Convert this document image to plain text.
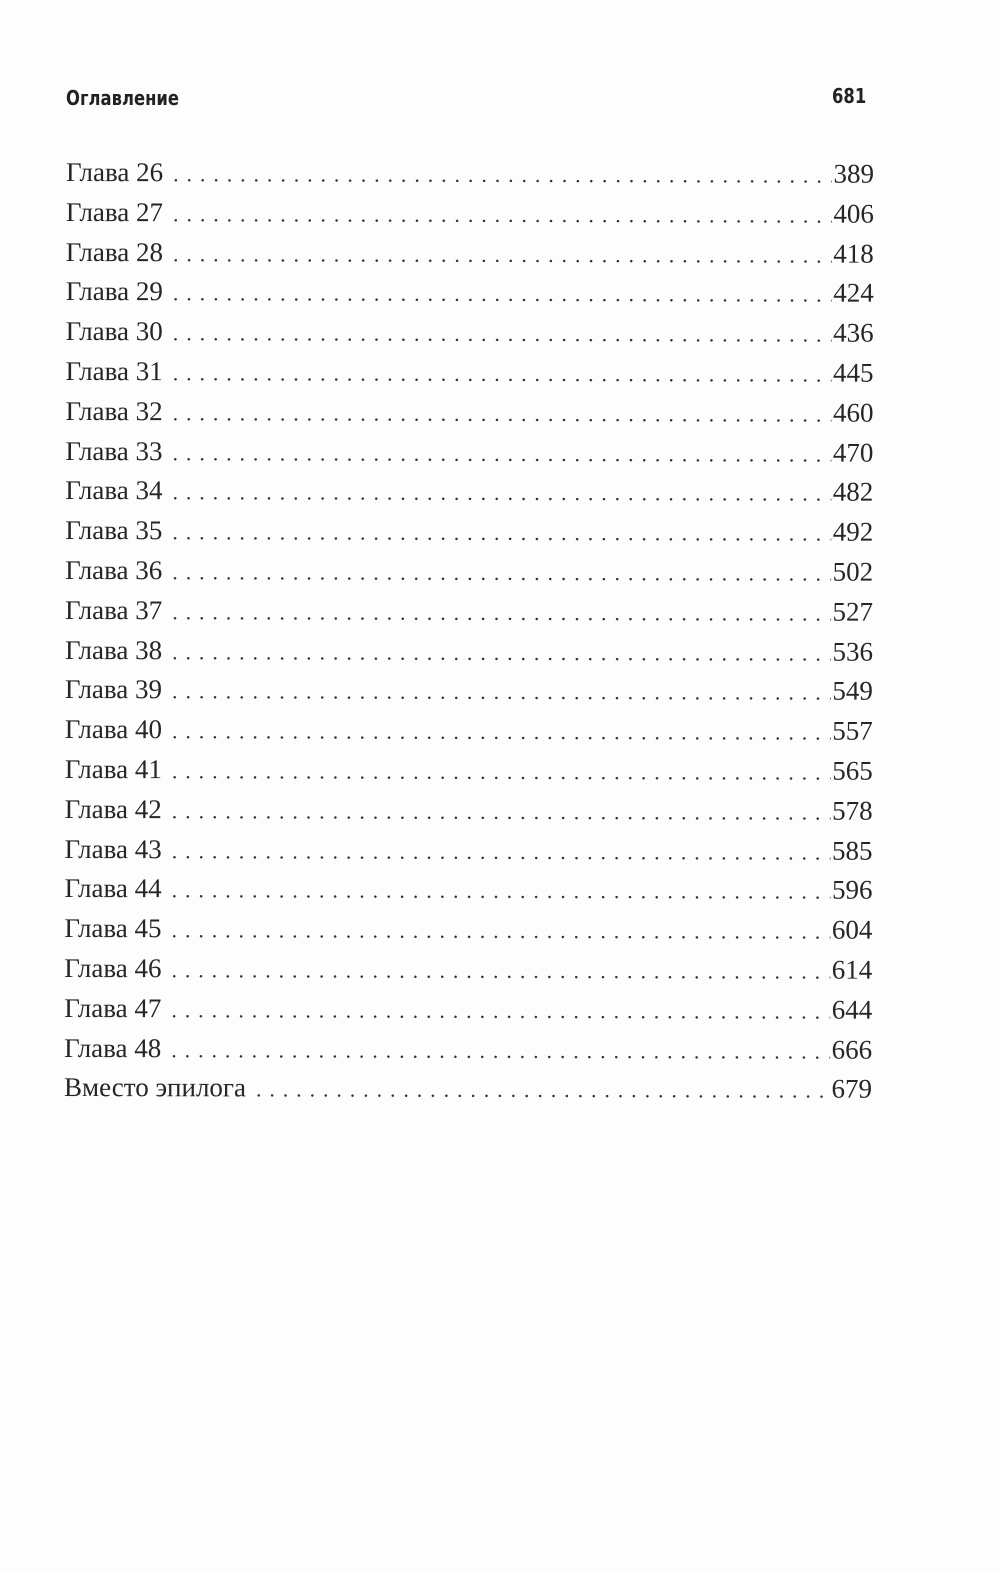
Оглавление	681
Глава 26 . . .	389
Глава 27 . . .	406
Глава 28 . . .	418
Глава 29 . . .	424
Глава 30 . . .	436
Глава 31 . . .	445
Глава 32 . . .	460
Глава 33 . . .	470
Глава 34 . . .	482
Глава 35 . . .	492
Глава 36 . . .	502
Глава 37 . . .	527
Глава 38 . . .	536
Глава 39 . . .	549
Глава 40 . . .	557
Глава 41 . . .	565
Глава 42 . . .	578
Глава 43 . . .	585
Глава 44 . . .	596
Глава 45 . . .	604
Глава 46 . . .	614
Глава 47 . . .	644
Глава 48 . . .	666
Вместо эпилога . . .	679
